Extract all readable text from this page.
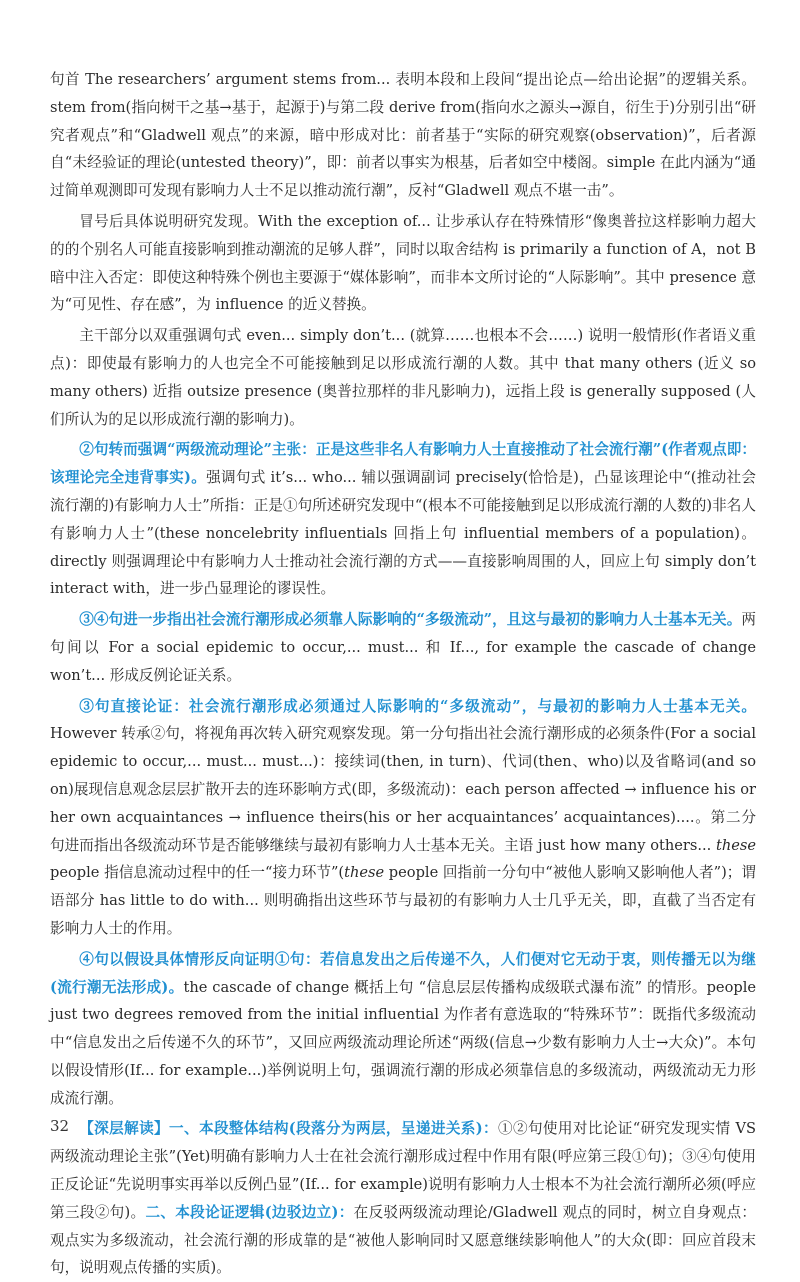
句首 The researchers’ argument stems from... 表明本段和上段间“提出论点—给出论据”的逻辑关系。stem from(指向树干之基→基于，起源于)与第二段 derive from(指向水之源头→源自，衍生于)分别引出“研究者观点”和“Gladwell 观点”的来源，暗中形成对比：前者基于“实际的研究观察(observation)”，后者源自“未经验证的理论(untested theory)”，即：前者以事实为根基，后者如空中楼阁。simple 在此内涵为“通过简单观测即可发现有影响力人士不足以推动流行潮”，反衬“Gladwell 观点不堪一击”。

冒号后具体说明研究发现。With the exception of... 让步承认存在特殊情形“像奥普拉这样影响力超大的的个别名人可能直接影响到推动潮流的足够人群”，同时以取舍结构 is primarily a function of A，not B 暗中注入否定：即使这种特殊个例也主要源于“媒体影响”，而非本文所讨论的“人际影响”。其中 presence 意为“可见性、存在感”，为 influence 的近义替换。

主干部分以双重强调句式 even... simply don’t... (就算……也根本不会……) 说明一般情形(作者语义重点)：即使最有影响力的人也完全不可能接触到足以形成流行潮的人数。其中 that many others (近义 so many others) 近指 outsize presence (奥普拉那样的非凡影响力)，远指上段 is generally supposed (人们所认为的足以形成流行潮的影响力)。

②句转而强调“两级流动理论”主张：正是这些非名人有影响力人士直接推动了社会流行潮”(作者观点即：该理论完全违背事实)。强调句式 it’s... who... 辅以强调副词 precisely(恰恰是)，凸显该理论中“(推动社会流行潮的)有影响力人士”所指：正是①句所述研究发现中“(根本不可能接触到足以形成流行潮的人数的)非名人有影响力人士”(these noncelebrity influentials 回指上句 influential members of a population)。directly 则强调理论中有影响力人士推动社会流行潮的方式——直接影响周围的人，回应上句 simply don’t interact with，进一步凸显理论的谬误性。

③④句进一步指出社会流行潮形成必须靠人际影响的“多级流动”，且这与最初的影响力人士基本无关。两句间以 For a social epidemic to occur,... must... 和 If..., for example the cascade of change won’t... 形成反例论证关系。

③句直接论证：社会流行潮形成必须通过人际影响的“多级流动”，与最初的影响力人士基本无关。However 转承②句，将视角再次转入研究观察发现。第一分句指出社会流行潮形成的必须条件(For a social epidemic to occur,... must... must...)：接续词(then, in turn)、代词(then、who)以及省略词(and so on)展现信息观念层层扩散开去的连环影响方式(即，多级流动)：each person affected → influence his or her own acquaintances → influence theirs(his or her acquaintances’ acquaintances)....。第二分句进而指出各级流动环节是否能够继续与最初有影响力人士基本无关。主语 just how many others... these people 指信息流动过程中的任一“接力环节”(these people 回指前一分句中“被他人影响又影响他人者”)；谓语部分 has little to do with... 则明确指出这些环节与最初的有影响力人士几乎无关，即，直截了当否定有影响力人士的作用。

④句以假设具体情形反向证明①句：若信息发出之后传递不久，人们便对它无动于衷，则传播无以为继(流行潮无法形成)。the cascade of change 概括上句 “信息层层传播构成级联式瀑布流” 的情形。people just two degrees removed from the initial influential 为作者有意选取的“特殊环节”：既指代多级流动中“信息发出之后传递不久的环节”，又回应两级流动理论所述“两级(信息→少数有影响力人士→大众)”。本句以假设情形(If... for example...)举例说明上句，强调流行潮的形成必须靠信息的多级流动，两级流动无力形成流行潮。

【深层解读】一、本段整体结构(段落分为两层，呈递进关系)：①②句使用对比论证“研究发现实情 VS 两级流动理论主张”(Yet)明确有影响力人士在社会流行潮形成过程中作用有限(呼应第三段①句)；③④句使用正反论证“先说明事实再举以反例凸显”(If... for example)说明有影响力人士根本不为社会流行潮所必须(呼应第三段②句)。二、本段论证逻辑(边驳边立)：在反驳两级流动理论/Gladwell 观点的同时，树立自身观点：观点实为多级流动，社会流行潮的形成靠的是“被他人影响同时又愿意继续影响他人”的大众(即：回应首段末句，说明观点传播的实质)。

32
